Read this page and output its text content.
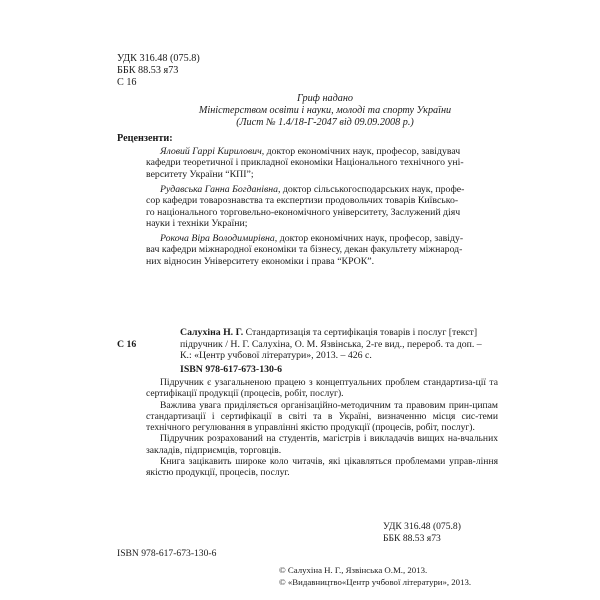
УДК 316.48 (075.8)
ББК 88.53 я73
С 16
Гриф надано
Міністерством освіти і науки, молоді та спорту України
(Лист № 1.4/18-Г-2047 від 09.09.2008 р.)
Рецензенти:
Яловий Гаррі Кирилович, доктор економічних наук, професор, завідувач
кафедри теоретичної і прикладної економіки Національного технічного уні-
верситету України “КПІ”;
Рудавська Ганна Богданівна, доктор сільськогосподарських наук, профе-
сор кафедри товарознавства та експертизи продовольчих товарів Київсько-
го національного торговельно-економічного університету, Заслужений діяч
науки і техніки України;
Рокоча Віра Володимирівна, доктор економічних наук, професор, завіду-
вач кафедри міжнародної економіки та бізнесу, декан факультету міжнарод-
них відносин Університету економіки і права “КРОК”.
С 16
Салухіна Н. Г. Стандартизація та сертифікація товарів і послуг [текст]
підручник / Н. Г. Салухіна, О. М. Язвінська, 2-ге вид., перероб. та доп. –
К.: «Центр учбової літератури», 2013. – 426 с.
ISBN 978-617-673-130-6

Підручник є узагальненою працею з концептуальних проблем стандартиза-ції та сертифікації продукції (процесів, робіт, послуг).

Важлива увага приділяється організаційно-методичним та правовим прин-ципам стандартизації і сертифікації в світі та в Україні, визначенню місця сис-теми технічного регулювання в управлінні якістю продукції (процесів, робіт, послуг).

Підручник розрахований на студентів, магістрів і викладачів вищих на-вчальних закладів, підприємців, торговців.

Книга зацікавить широке коло читачів, які цікавляться проблемами управ-ління якістю продукції, процесів, послуг.

УДК 316.48 (075.8)
ББК 88.53 я73
ISBN 978-617-673-130-6
© Салухіна Н. Г., Язвінська О.М., 2013.
© «Видавництво«Центр учбової літератури», 2013.
